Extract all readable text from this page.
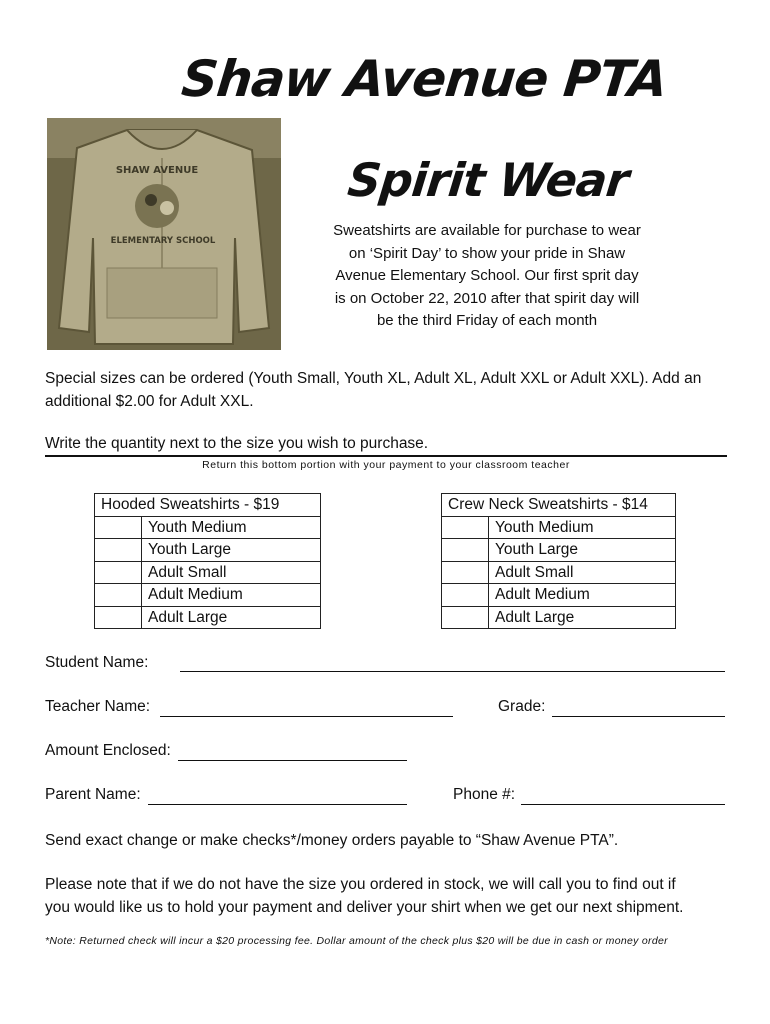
Shaw Avenue PTA
Spirit Wear
SHAW AVENUE
ELEMENTARY SCHOOL
Sweatshirts are available for purchase to wear
on ‘Spirit Day’ to show your pride in Shaw
Avenue Elementary School. Our first sprit day
is on October 22, 2010 after that spirit day will
be the third Friday of each month
Special sizes can be ordered (Youth Small, Youth XL, Adult XL, Adult XXL or Adult XXL). Add an
additional $2.00 for Adult XXL.
Write the quantity next to the size you wish to purchase.
Return this bottom portion with your payment to your classroom teacher
Hooded Sweatshirts - $19	
	Youth Medium
	Youth Large
	Adult Small
	Adult Medium
	Adult Large
Crew Neck Sweatshirts - $14	
	Youth Medium
	Youth Large
	Adult Small
	Adult Medium
	Adult Large
Student Name:
Teacher Name:	Grade:
Amount Enclosed:
Parent Name:	Phone #:
Send exact change or make checks*/money orders payable to “Shaw Avenue PTA”.
Please note that if we do not have the size you ordered in stock, we will call you to find out if
you would like us to hold your payment and deliver your shirt when we get our next shipment.
*Note: Returned check will incur a $20 processing fee. Dollar amount of the check plus $20 will be due in cash or money order
